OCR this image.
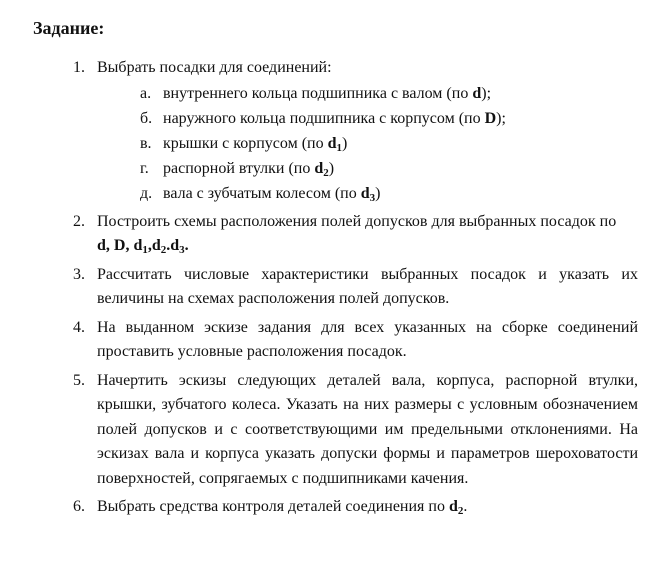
Задание:
1. Выбрать посадки для соединений:
а. внутреннего кольца подшипника с валом (по d);
б. наружного кольца подшипника с корпусом (по D);
в. крышки с корпусом (по $d_1$)
г. распорной втулки (по $d_2$)
д. вала с зубчатым колесом (по $d_3$)
2. Построить схемы расположения полей допусков для выбранных посадок по
d, D, $d_1,d_2.d_3$.
3. Рассчитать числовые характеристики выбранных посадок и указать их величины на схемах расположения полей допусков.
4. На выданном эскизе задания для всех указанных на сборке соединений проставить условные расположения посадок.
5. Начертить эскизы следующих деталей вала, корпуса, распорной втулки, крышки, зубчатого колеса. Указать на них размеры с условным обозначением полей допусков и с соответствующими им предельными отклонениями. На эскизах вала и корпуса указать допуски формы и параметров шероховатости поверхностей, сопрягаемых с подшипниками качения.
6. Выбрать средства контроля деталей соединения по $d_2$.
